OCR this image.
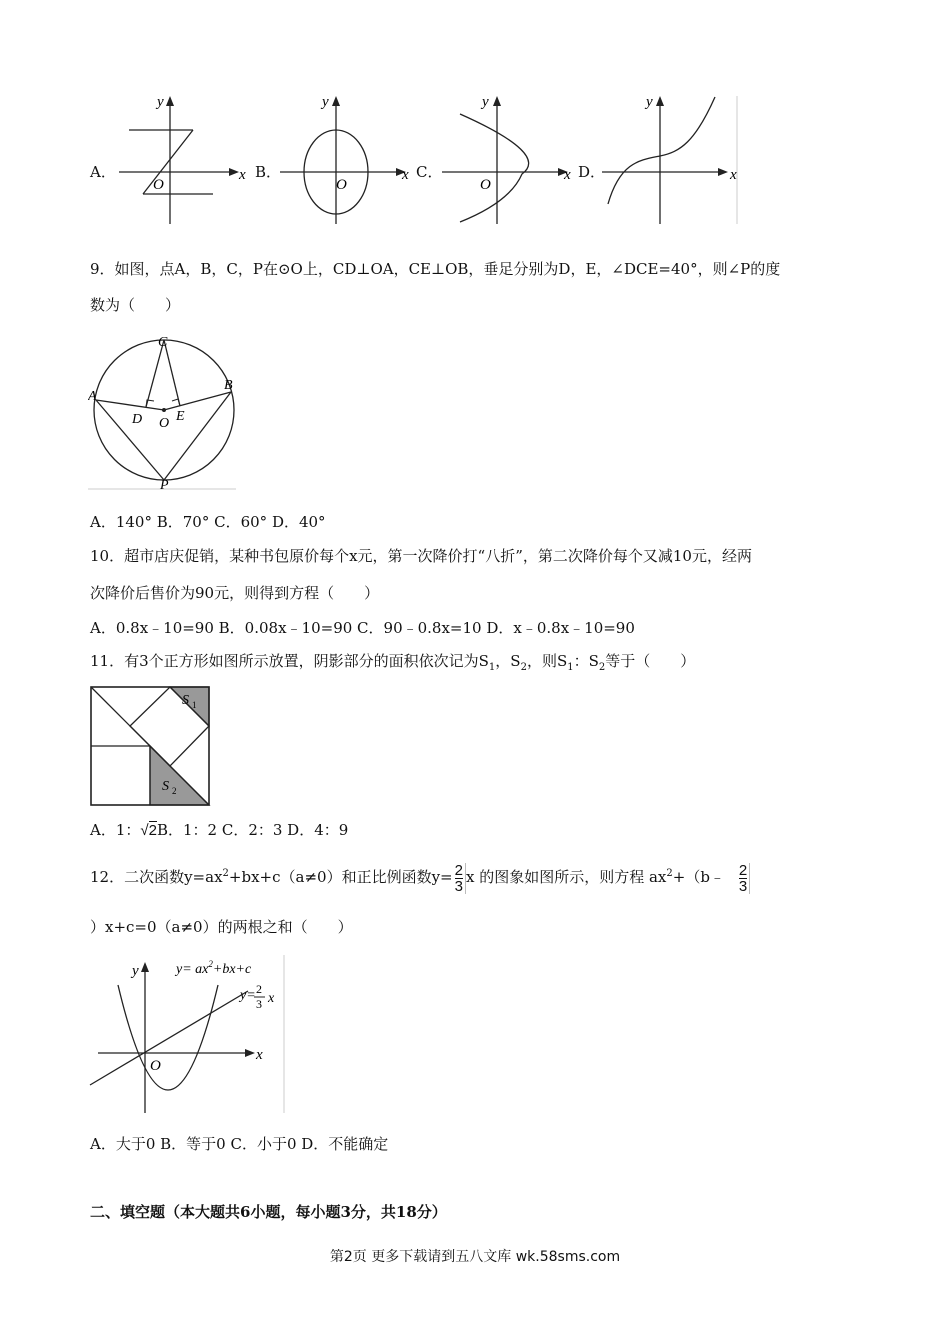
A．	B．	C．	D．
y
x
O
y
x
O
y
x
O
y
x
9．如图，点A，B，C，P在⊙O上，CD⊥OA，CE⊥OB，垂足分别为D，E，∠DCE=40°，则∠P的度
数为（　　）
C
A
B
D O E
P
A．140° B．70° C．60° D．40°
10．超市店庆促销，某种书包原价每个x元，第一次降价打“八折”，第二次降价每个又减10元，经两
次降价后售价为90元，则得到方程（　　）
A．0.8x﹣10=90 B．0.08x﹣10=90 C．90﹣0.8x=10 D．x﹣0.8x﹣10=90
11．有3个正方形如图所示放置，阴影部分的面积依次记为$S_1$，$S_2$，则$S_1$：$S_2$等于（　　）
S 1
S 2
A．1：√2B．1：2 C．2：3 D．4：9
12．二次函数$y=ax^2+bx+c(a\ne 0)$和正比例函数$y= \frac{2}{3}$ x 的图象如图所示，则方程 $ax^2+(b﹣ \frac{2}{3}$
）x+c=0（a≠0）的两根之和（　　）
y
x
O
$y= ax^2+bx+c$
y= 2
3 x
A．大于0 B．等于0 C．小于0 D．不能确定
二、填空题（本大题共6小题，每小题3分，共18分）
第2页 更多下载请到五八文库 wk.58sms.com
